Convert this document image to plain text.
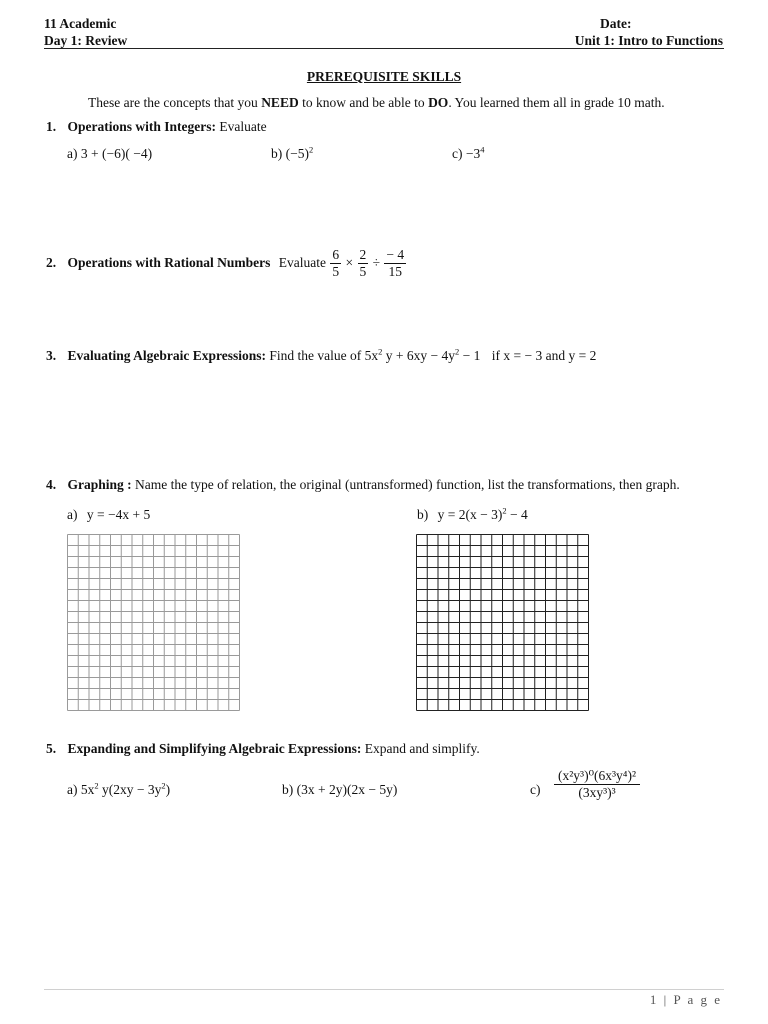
11 Academic
Day 1: Review
Date:
Unit 1: Intro to Functions
PREREQUISITE SKILLS
These are the concepts that you NEED to know and be able to DO. You learned them all in grade 10 math.
1. Operations with Integers: Evaluate
a) 3 + (−6)( −4)	b) $(-5)^2$	$c) -3^4$
2. Operations with Rational Numbers Evaluate $\frac{6}{5} \times \frac{2}{5} \div \frac{- 4}{15}$
3. Evaluating Algebraic Expressions: Find the value of $5x^2$ $y + 6xy - 4y^2 - 1$ if x = − 3 and y = 2
4. Graphing : Name the type of relation, the original (untransformed) function, list the transformations, then graph.
a) y = −4x + 5	b) $y = 2(x - 3)^2 - 4$
5. Expanding and Simplifying Algebraic Expressions: Expand and simplify.
a) $5x^2$ $y(2xy - 3y^2)$	b) (3x + 2y)(2x − 5y)	$c) \frac{\text{(x²y³)⁰(6x³y⁴)²}}{\text{(3xy³)³}}$
1 | P a g e
